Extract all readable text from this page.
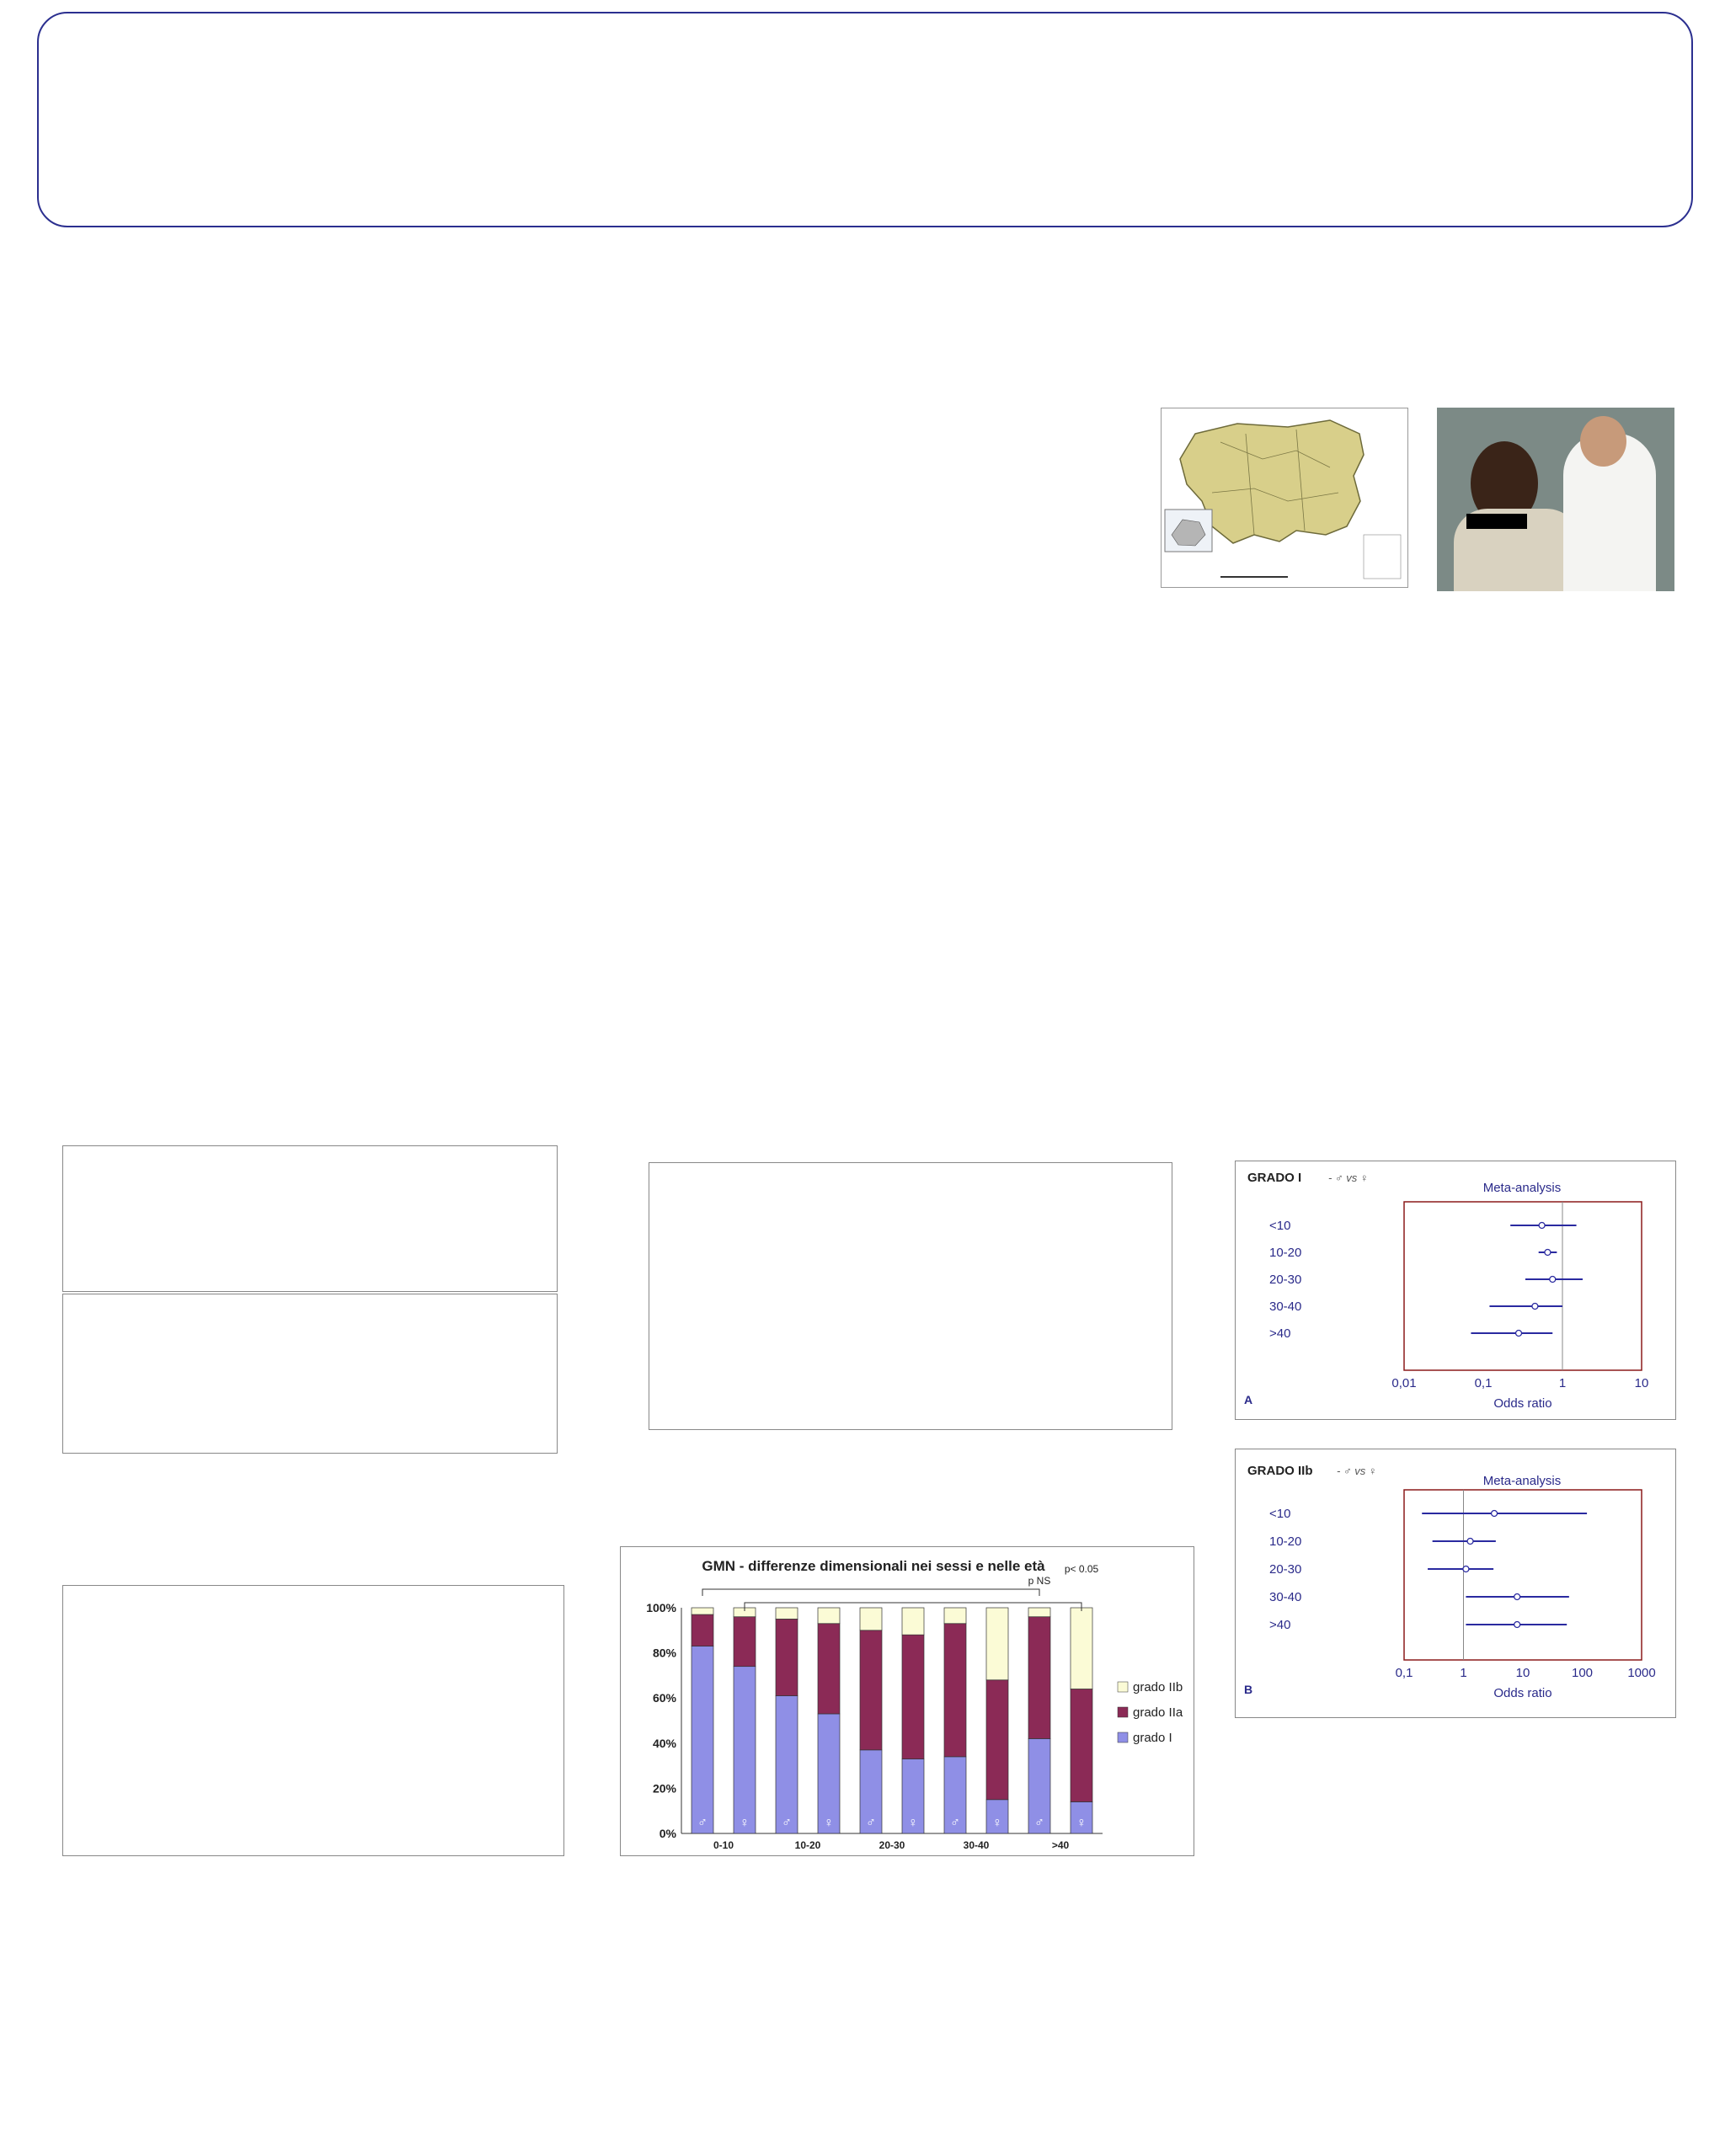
GRADO I - ♂ vs ♀
Meta-analysis
<10
10-20
20-30
30-40
>40
0,01	0,1	1	10
Odds ratio
A
GRADO IIb - ♂ vs ♀
Meta-analysis
<10
10-20
20-30
30-40
>40
0,1	1	10	100	1000
Odds ratio
B
GMN - differenze dimensionali nei sessi e nelle età
0%
20%
40%
60%
80%
100%
♂ ♀ ♂ ♀ ♂ ♀ ♂ ♀ ♂ ♀
0-10	10-20	20-30	30-40	>40
p NS
p< 0.05
grado IIb
grado IIa
grado I
